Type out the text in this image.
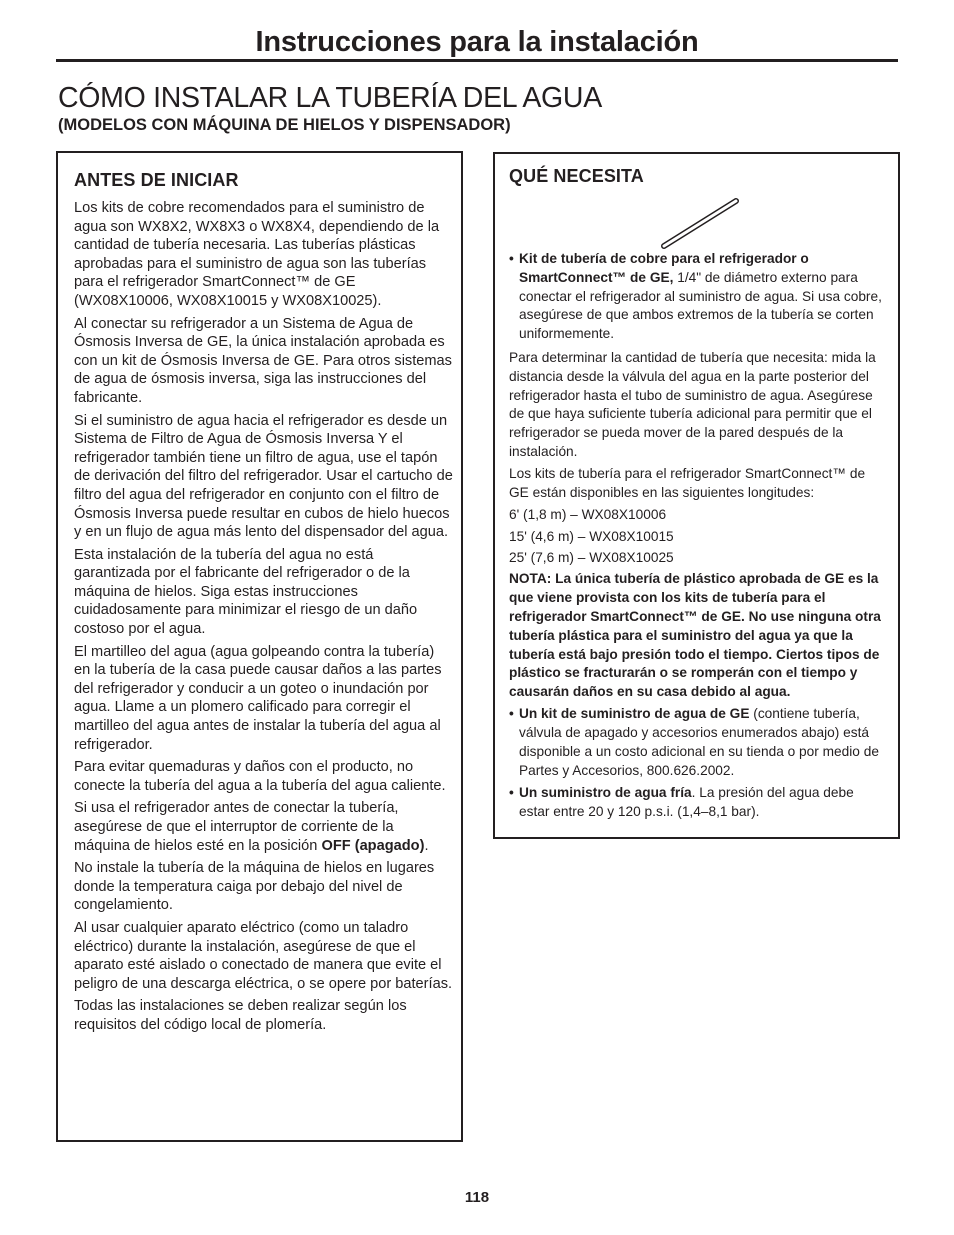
Instrucciones para la instalación
CÓMO INSTALAR LA TUBERÍA DEL AGUA
(MODELOS CON MÁQUINA DE HIELOS Y DISPENSADOR)
ANTES DE INICIAR

Los kits de cobre recomendados para el suministro de agua son WX8X2, WX8X3 o WX8X4, dependiendo de la cantidad de tubería necesaria. Las tuberías plásticas aprobadas para el suministro de agua son las tuberías para el refrigerador SmartConnect™ de GE (WX08X10006, WX08X10015 y WX08X10025).

Al conectar su refrigerador a un Sistema de Agua de Ósmosis Inversa de GE, la única instalación aprobada es con un kit de Ósmosis Inversa de GE. Para otros sistemas de agua de ósmosis inversa, siga las instrucciones del fabricante.

Si el suministro de agua hacia el refrigerador es desde un Sistema de Filtro de Agua de Ósmosis Inversa Y el refrigerador también tiene un filtro de agua, use el tapón de derivación del filtro del refrigerador. Usar el cartucho de filtro del agua del refrigerador en conjunto con el filtro de Ósmosis Inversa puede resultar en cubos de hielo huecos y en un flujo de agua más lento del dispensador del agua.

Esta instalación de la tubería del agua no está garantizada por el fabricante del refrigerador o de la máquina de hielos. Siga estas instrucciones cuidadosamente para minimizar el riesgo de un daño costoso por el agua.

El martilleo del agua (agua golpeando contra la tubería) en la tubería de la casa puede causar daños a las partes del refrigerador y conducir a un goteo o inundación por agua. Llame a un plomero calificado para corregir el martilleo del agua antes de instalar la tubería del agua al refrigerador.

Para evitar quemaduras y daños con el producto, no conecte la tubería del agua a la tubería del agua caliente.

Si usa el refrigerador antes de conectar la tubería, asegúrese de que el interruptor de corriente de la máquina de hielos esté en la posición OFF (apagado).

No instale la tubería de la máquina de hielos en lugares donde la temperatura caiga por debajo del nivel de congelamiento.

Al usar cualquier aparato eléctrico (como un taladro eléctrico) durante la instalación, asegúrese de que el aparato esté aislado o conectado de manera que evite el peligro de una descarga eléctrica, o se opere por baterías.

Todas las instalaciones se deben realizar según los requisitos del código local de plomería.

QUÉ NECESITA
• Kit de tubería de cobre para el refrigerador o SmartConnect™ de GE, 1/4" de diámetro externo para conectar el refrigerador al suministro de agua. Si usa cobre, asegúrese de que ambos extremos de la tubería se corten uniformemente.

Para determinar la cantidad de tubería que necesita: mida la distancia desde la válvula del agua en la parte posterior del refrigerador hasta el tubo de suministro de agua. Asegúrese de que haya suficiente tubería adicional para permitir que el refrigerador se pueda mover de la pared después de la instalación.

Los kits de tubería para el refrigerador SmartConnect™ de GE están disponibles en las siguientes longitudes:

6' (1,8 m) – WX08X10006

15' (4,6 m) – WX08X10015

25' (7,6 m) – WX08X10025

NOTA: La única tubería de plástico aprobada de GE es la que viene provista con los kits de tubería para el refrigerador SmartConnect™ de GE. No use ninguna otra tubería plástica para el suministro del agua ya que la tubería está bajo presión todo el tiempo. Ciertos tipos de plástico se fracturarán o se romperán con el tiempo y causarán daños en su casa debido al agua.

• Un kit de suministro de agua de GE (contiene tubería, válvula de apagado y accesorios enumerados abajo) está disponible a un costo adicional en su tienda o por medio de Partes y Accesorios, 800.626.2002.
• Un suministro de agua fría. La presión del agua debe estar entre 20 y 120 p.s.i. (1,4–8,1 bar).
118
